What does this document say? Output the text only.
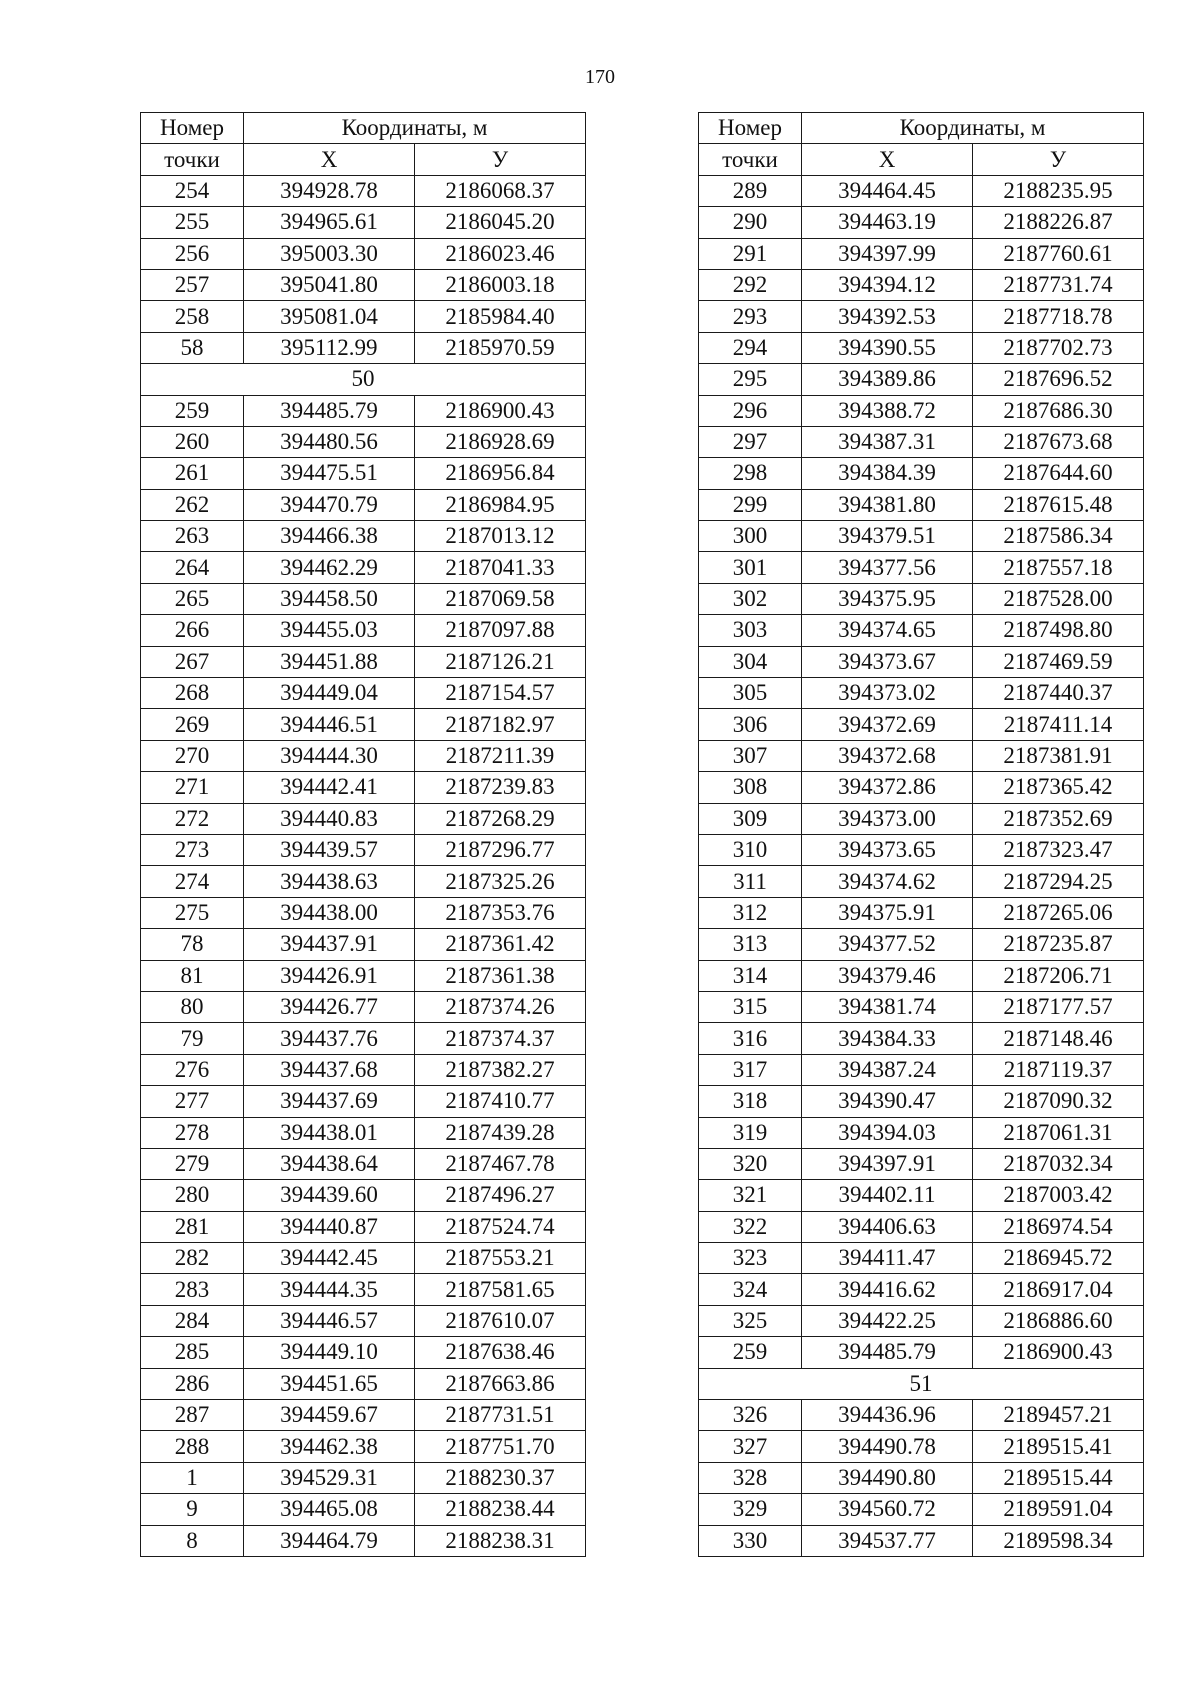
170
Номер	Координаты, м	
точки	X	У
254	394928.78	2186068.37
255	394965.61	2186045.20
256	395003.30	2186023.46
257	395041.80	2186003.18
258	395081.04	2185984.40
58	395112.99	2185970.59
50		
259	394485.79	2186900.43
260	394480.56	2186928.69
261	394475.51	2186956.84
262	394470.79	2186984.95
263	394466.38	2187013.12
264	394462.29	2187041.33
265	394458.50	2187069.58
266	394455.03	2187097.88
267	394451.88	2187126.21
268	394449.04	2187154.57
269	394446.51	2187182.97
270	394444.30	2187211.39
271	394442.41	2187239.83
272	394440.83	2187268.29
273	394439.57	2187296.77
274	394438.63	2187325.26
275	394438.00	2187353.76
78	394437.91	2187361.42
81	394426.91	2187361.38
80	394426.77	2187374.26
79	394437.76	2187374.37
276	394437.68	2187382.27
277	394437.69	2187410.77
278	394438.01	2187439.28
279	394438.64	2187467.78
280	394439.60	2187496.27
281	394440.87	2187524.74
282	394442.45	2187553.21
283	394444.35	2187581.65
284	394446.57	2187610.07
285	394449.10	2187638.46
286	394451.65	2187663.86
287	394459.67	2187731.51
288	394462.38	2187751.70
1	394529.31	2188230.37
9	394465.08	2188238.44
8	394464.79	2188238.31
Номер	Координаты, м	
точки	X	У
289	394464.45	2188235.95
290	394463.19	2188226.87
291	394397.99	2187760.61
292	394394.12	2187731.74
293	394392.53	2187718.78
294	394390.55	2187702.73
295	394389.86	2187696.52
296	394388.72	2187686.30
297	394387.31	2187673.68
298	394384.39	2187644.60
299	394381.80	2187615.48
300	394379.51	2187586.34
301	394377.56	2187557.18
302	394375.95	2187528.00
303	394374.65	2187498.80
304	394373.67	2187469.59
305	394373.02	2187440.37
306	394372.69	2187411.14
307	394372.68	2187381.91
308	394372.86	2187365.42
309	394373.00	2187352.69
310	394373.65	2187323.47
311	394374.62	2187294.25
312	394375.91	2187265.06
313	394377.52	2187235.87
314	394379.46	2187206.71
315	394381.74	2187177.57
316	394384.33	2187148.46
317	394387.24	2187119.37
318	394390.47	2187090.32
319	394394.03	2187061.31
320	394397.91	2187032.34
321	394402.11	2187003.42
322	394406.63	2186974.54
323	394411.47	2186945.72
324	394416.62	2186917.04
325	394422.25	2186886.60
259	394485.79	2186900.43
51		
326	394436.96	2189457.21
327	394490.78	2189515.41
328	394490.80	2189515.44
329	394560.72	2189591.04
330	394537.77	2189598.34
